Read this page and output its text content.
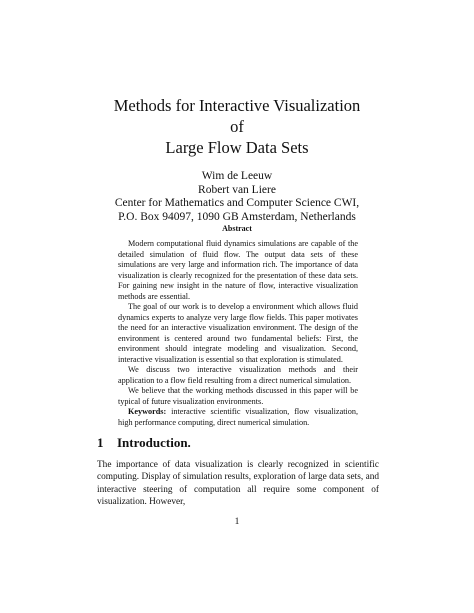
Methods for Interactive Visualization
of
Large Flow Data Sets
Wim de Leeuw
Robert van Liere
Center for Mathematics and Computer Science CWI,
P.O. Box 94097, 1090 GB Amsterdam, Netherlands
Abstract

Modern computational fluid dynamics simulations are capable of the detailed simulation of fluid flow. The output data sets of these simulations are very large and information rich. The importance of data visualization is clearly recognized for the presentation of these data sets. For gaining new insight in the nature of flow, interactive visualization methods are essential.

The goal of our work is to develop a environment which allows fluid dynamics experts to analyze very large flow fields. This paper motivates the need for an interactive visualization environment. The design of the environment is centered around two fundamental beliefs: First, the environment should integrate modeling and visualization. Second, interactive visualization is essential so that exploration is stimulated.

We discuss two interactive visualization methods and their application to a flow field resulting from a direct numerical simulation.

We believe that the working methods discussed in this paper will be typical of future visualization environments.

Keywords: interactive scientific visualization, flow visualization, high performance computing, direct numerical simulation.

1 Introduction.

The importance of data visualization is clearly recognized in scientific computing. Display of simulation results, exploration of large data sets, and interactive steering of computation all require some component of visualization. However,

1
